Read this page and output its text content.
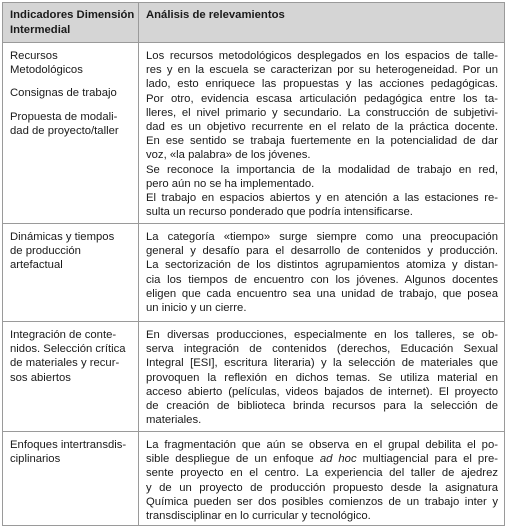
Indicadores Dimensión
Intermedial
Análisis de relevamientos
Recursos
Metodológicos
Consignas de trabajo
Propuesta de modali-
dad de proyecto/taller
Los recursos metodológicos desplegados en los espacios de talle-
res y en la escuela se caracterizan por su heterogeneidad. Por un
lado, esto enriquece las propuestas y las acciones pedagógicas.
Por otro, evidencia escasa articulación pedagógica entre los ta-
lleres, el nivel primario y secundario. La construcción de subjetivi-
dad es un objetivo recurrente en el relato de la práctica docente.
En ese sentido se trabaja fuertemente en la potencialidad de dar
voz, «la palabra» de los jóvenes.
Se reconoce la importancia de la modalidad de trabajo en red,
pero aún no se ha implementado.
El trabajo en espacios abiertos y en atención a las estaciones re-
sulta un recurso ponderado que podría intensificarse.
Dinámicas y tiempos
de producción
artefactual
La categoría «tiempo» surge siempre como una preocupación
general y desafío para el desarrollo de contenidos y producción.
La sectorización de los distintos agrupamientos atomiza y distan-
cia los tiempos de encuentro con los jóvenes. Algunos docentes
eligen que cada encuentro sea una unidad de trabajo, que posea
un inicio y un cierre.
Integración de conte-
nidos. Selección crítica
de materiales y recur-
sos abiertos
En diversas producciones, especialmente en los talleres, se ob-
serva integración de contenidos (derechos, Educación Sexual
Integral [ESI], escritura literaria) y la selección de materiales que
provoquen la reflexión en dichos temas. Se utiliza material en
acceso abierto (películas, videos bajados de internet). El proyecto
de creación de biblioteca brinda recursos para la selección de
materiales.
Enfoques intertransdis-
ciplinarios
La fragmentación que aún se observa en el grupal debilita el po-
sible despliegue de un enfoque ad hoc multiagencial para el pre-
sente proyecto en el centro. La experiencia del taller de ajedrez
y de un proyecto de producción propuesto desde la asignatura
Química pueden ser dos posibles comienzos de un trabajo inter y
transdisciplinar en lo curricular y tecnológico.
